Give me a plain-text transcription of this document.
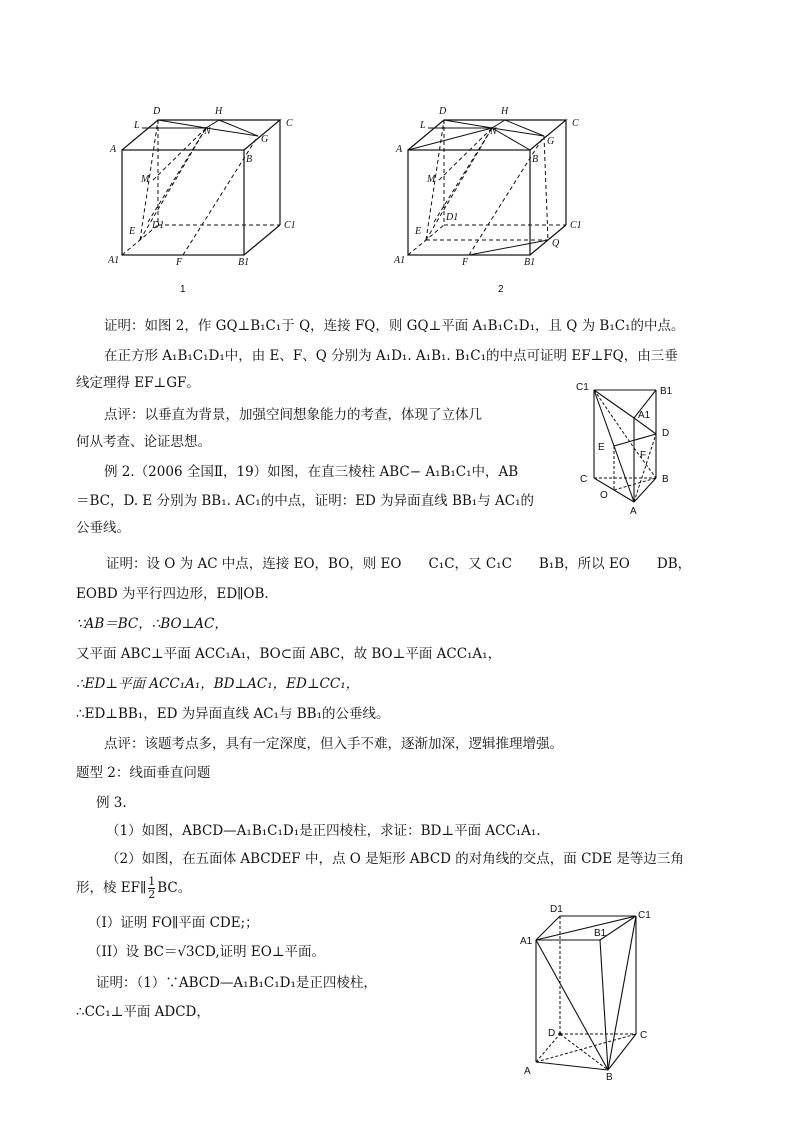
D	H
L
N
C
G
A
B
M
E
D1	C1
A1	F	B1
1
D	H
L
N
C
G
A
B
M
E
D1
C1
Q
A1	F	B1
2
C1	B1
A1
D
E
F
C	B
O
A
D1
C1
A1
B1
D	C
A
B
证明：如图 2，作 GQ⊥B₁C₁于 Q，连接 FQ，则 GQ⊥平面 A₁B₁C₁D₁，且 Q 为 B₁C₁的中点。
在正方形 A₁B₁C₁D₁中，由 E、F、Q 分别为 A₁D₁. A₁B₁. B₁C₁的中点可证明 EF⊥FQ，由三垂
线定理得 EF⊥GF。
点评：以垂直为背景，加强空间想象能力的考查，体现了立体几
何从考查、论证思想。
例 2.（2006 全国Ⅱ，19）如图，在直三棱柱 ABC− A₁B₁C₁中，AB
＝BC，D. E 分别为 BB₁. AC₁的中点，证明：ED 为异面直线 BB₁与 AC₁的
公垂线。
证明：设 O 为 AC 中点，连接 EO，BO，则 EO　　C₁C，又 C₁C　　B₁B，所以 EO　　DB，
EOBD 为平行四边形，ED∥OB.
∵AB＝BC，∴BO⊥AC，
又平面 ABC⊥平面 ACC₁A₁，BO⊂面 ABC，故 BO⊥平面 ACC₁A₁，
∴ED⊥平面 ACC₁A₁，BD⊥AC₁，ED⊥CC₁，
∴ED⊥BB₁，ED 为异面直线 AC₁与 BB₁的公垂线。
点评：该题考点多，具有一定深度，但入手不难，逐渐加深，逻辑推理增强。
题型 2：线面垂直问题
例 3.
（1）如图，ABCD—A₁B₁C₁D₁是正四棱柱，求证：BD⊥平面 ACC₁A₁.
（2）如图，在五面体 ABCDEF 中，点 O 是矩形 ABCD 的对角线的交点，面 CDE 是等边三角
形，棱 EF∥ $\frac{1}{2}$ BC。
（I）证明 FO∥平面 CDE;；
（II）设 BC＝√3CD,证明 EO⊥平面。
证明：（1）∵ABCD—A₁B₁C₁D₁是正四棱柱，
∴CC₁⊥平面 ADCD，
